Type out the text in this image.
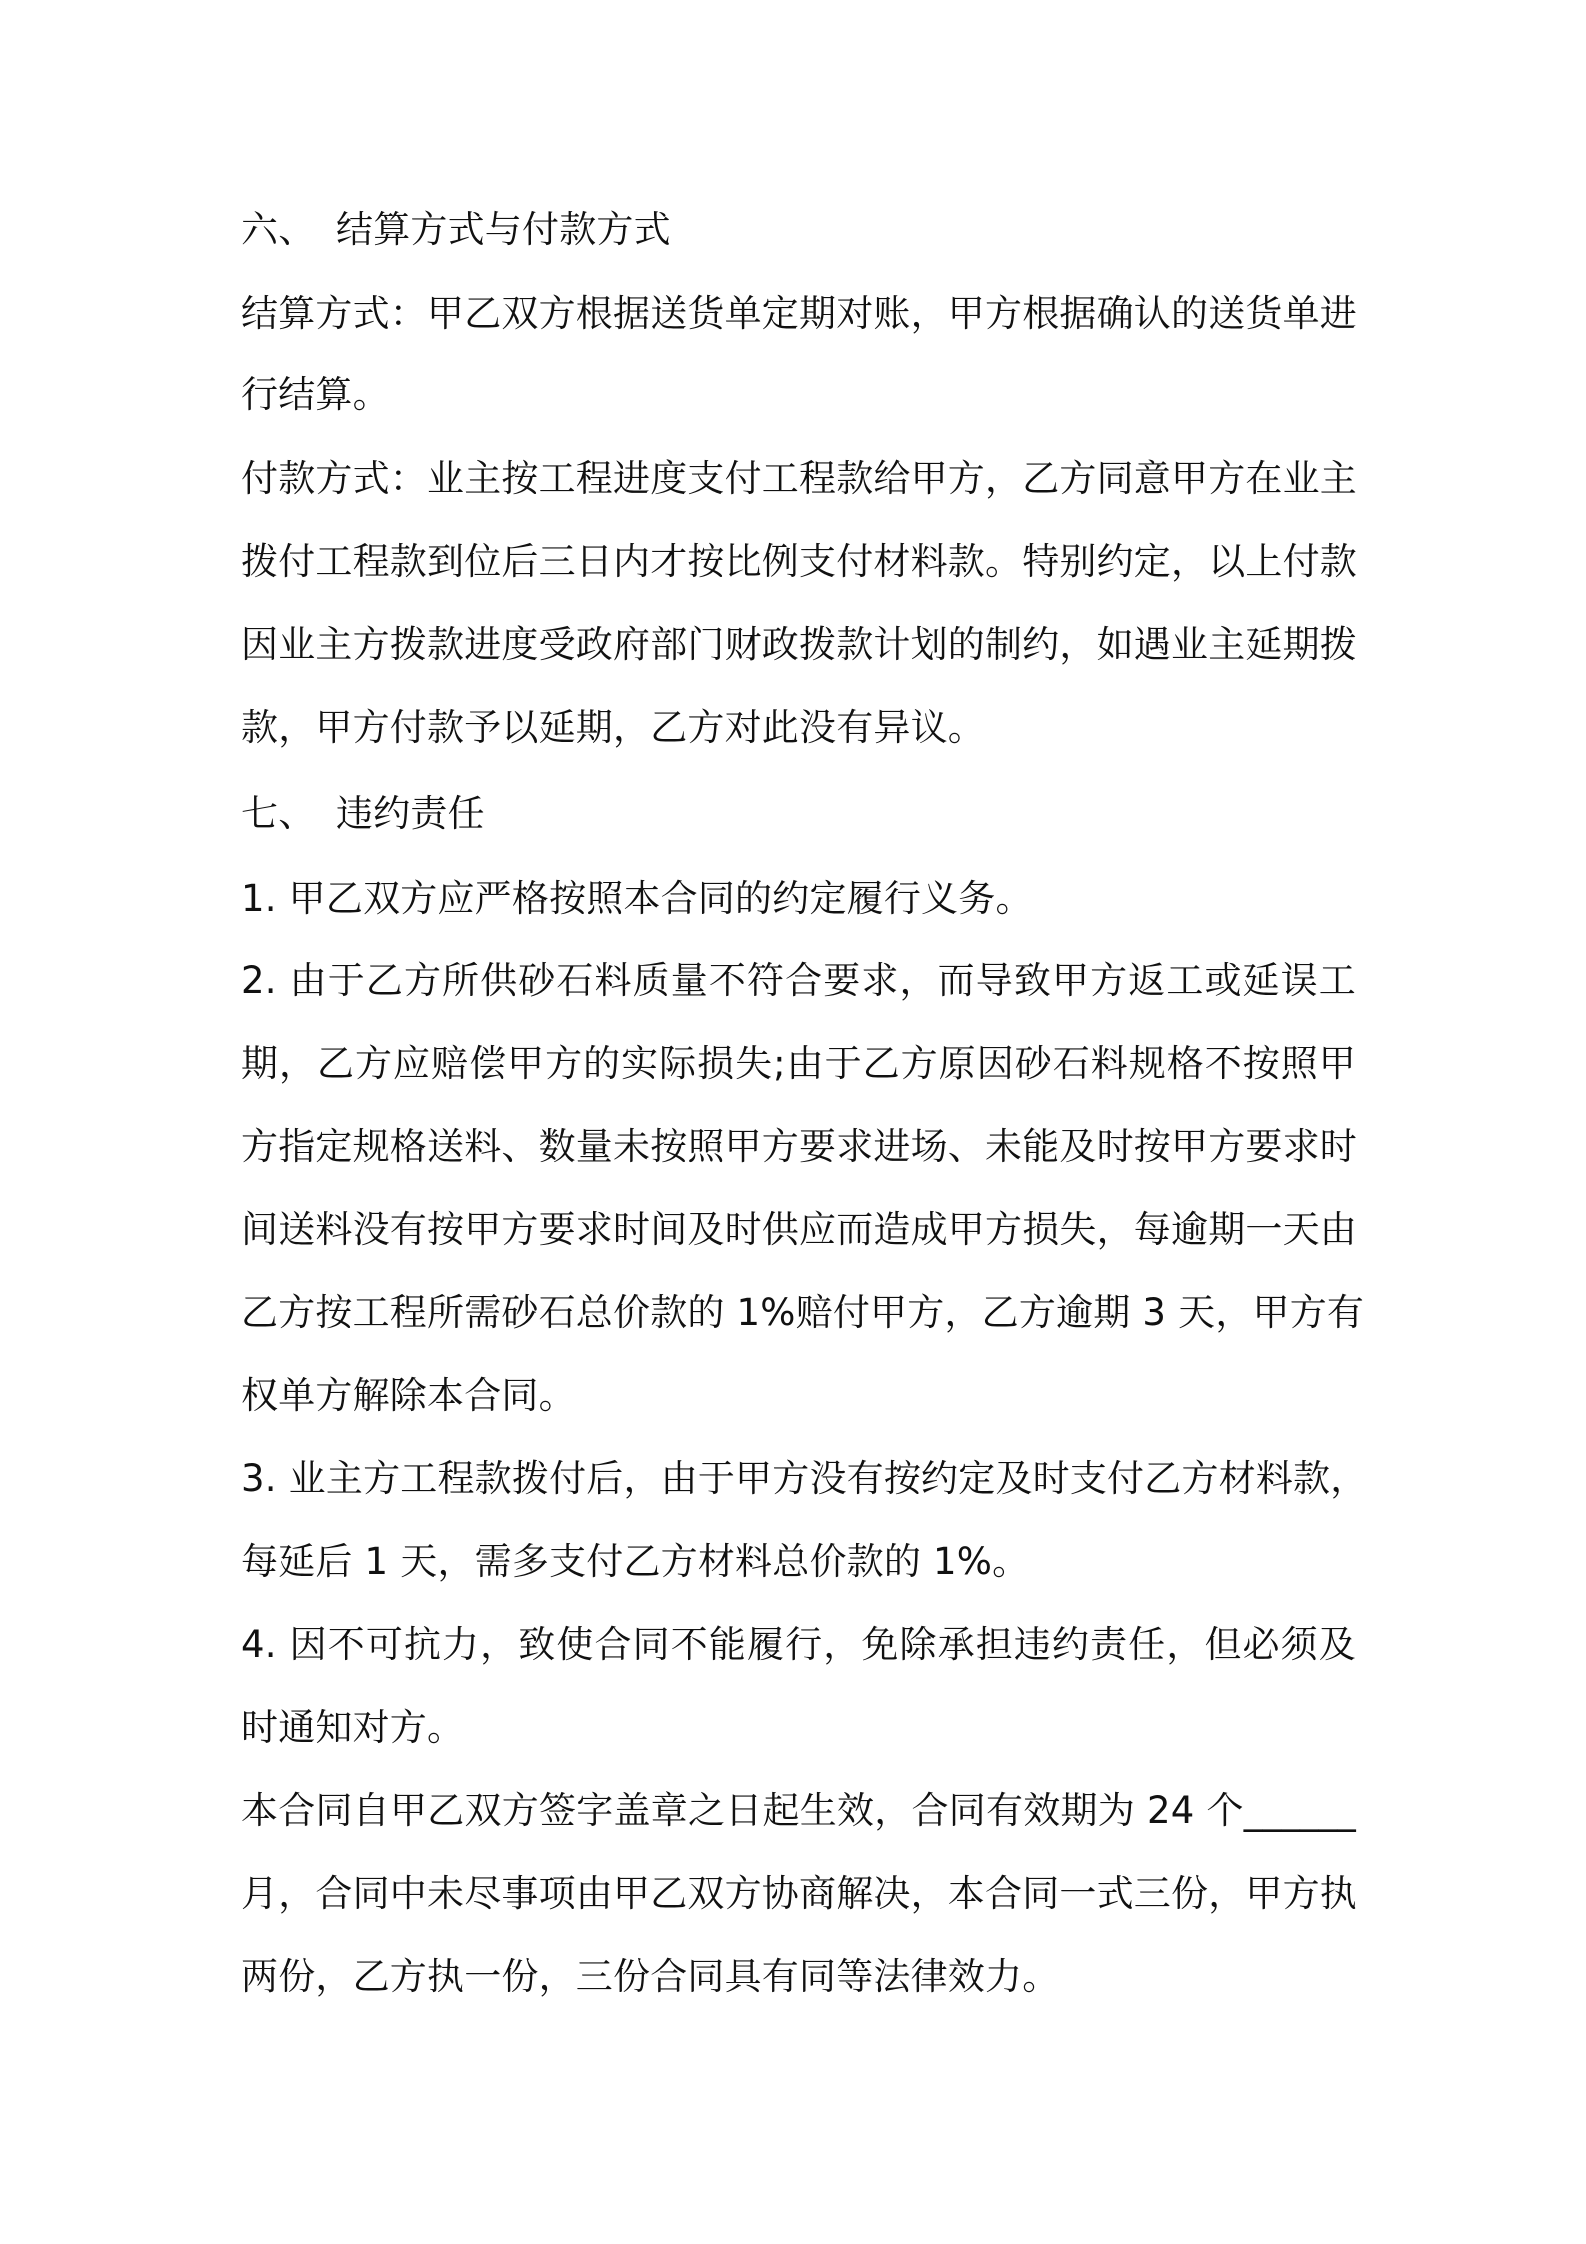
六、 结算方式与付款方式
结算方式：甲乙双方根据送货单定期对账，甲方根据确认的送货单进
行结算。
付款方式：业主按工程进度支付工程款给甲方，乙方同意甲方在业主
拨付工程款到位后三日内才按比例支付材料款。特别约定，以上付款
因业主方拨款进度受政府部门财政拨款计划的制约，如遇业主延期拨
款，甲方付款予以延期，乙方对此没有异议。
七、 违约责任
1. 甲乙双方应严格按照本合同的约定履行义务。
2. 由于乙方所供砂石料质量不符合要求，而导致甲方返工或延误工
期，乙方应赔偿甲方的实际损失;由于乙方原因砂石料规格不按照甲
方指定规格送料、数量未按照甲方要求进场、未能及时按甲方要求时
间送料没有按甲方要求时间及时供应而造成甲方损失，每逾期一天由
乙方按工程所需砂石总价款的 1%赔付甲方，乙方逾期 3 天，甲方有
权单方解除本合同。
3. 业主方工程款拨付后，由于甲方没有按约定及时支付乙方材料款，
每延后 1 天，需多支付乙方材料总价款的 1%。
4. 因不可抗力，致使合同不能履行，免除承担违约责任，但必须及
时通知对方。
本合同自甲乙双方签字盖章之日起生效，合同有效期为 24 个______
月，合同中未尽事项由甲乙双方协商解决，本合同一式三份，甲方执
两份，乙方执一份，三份合同具有同等法律效力。
